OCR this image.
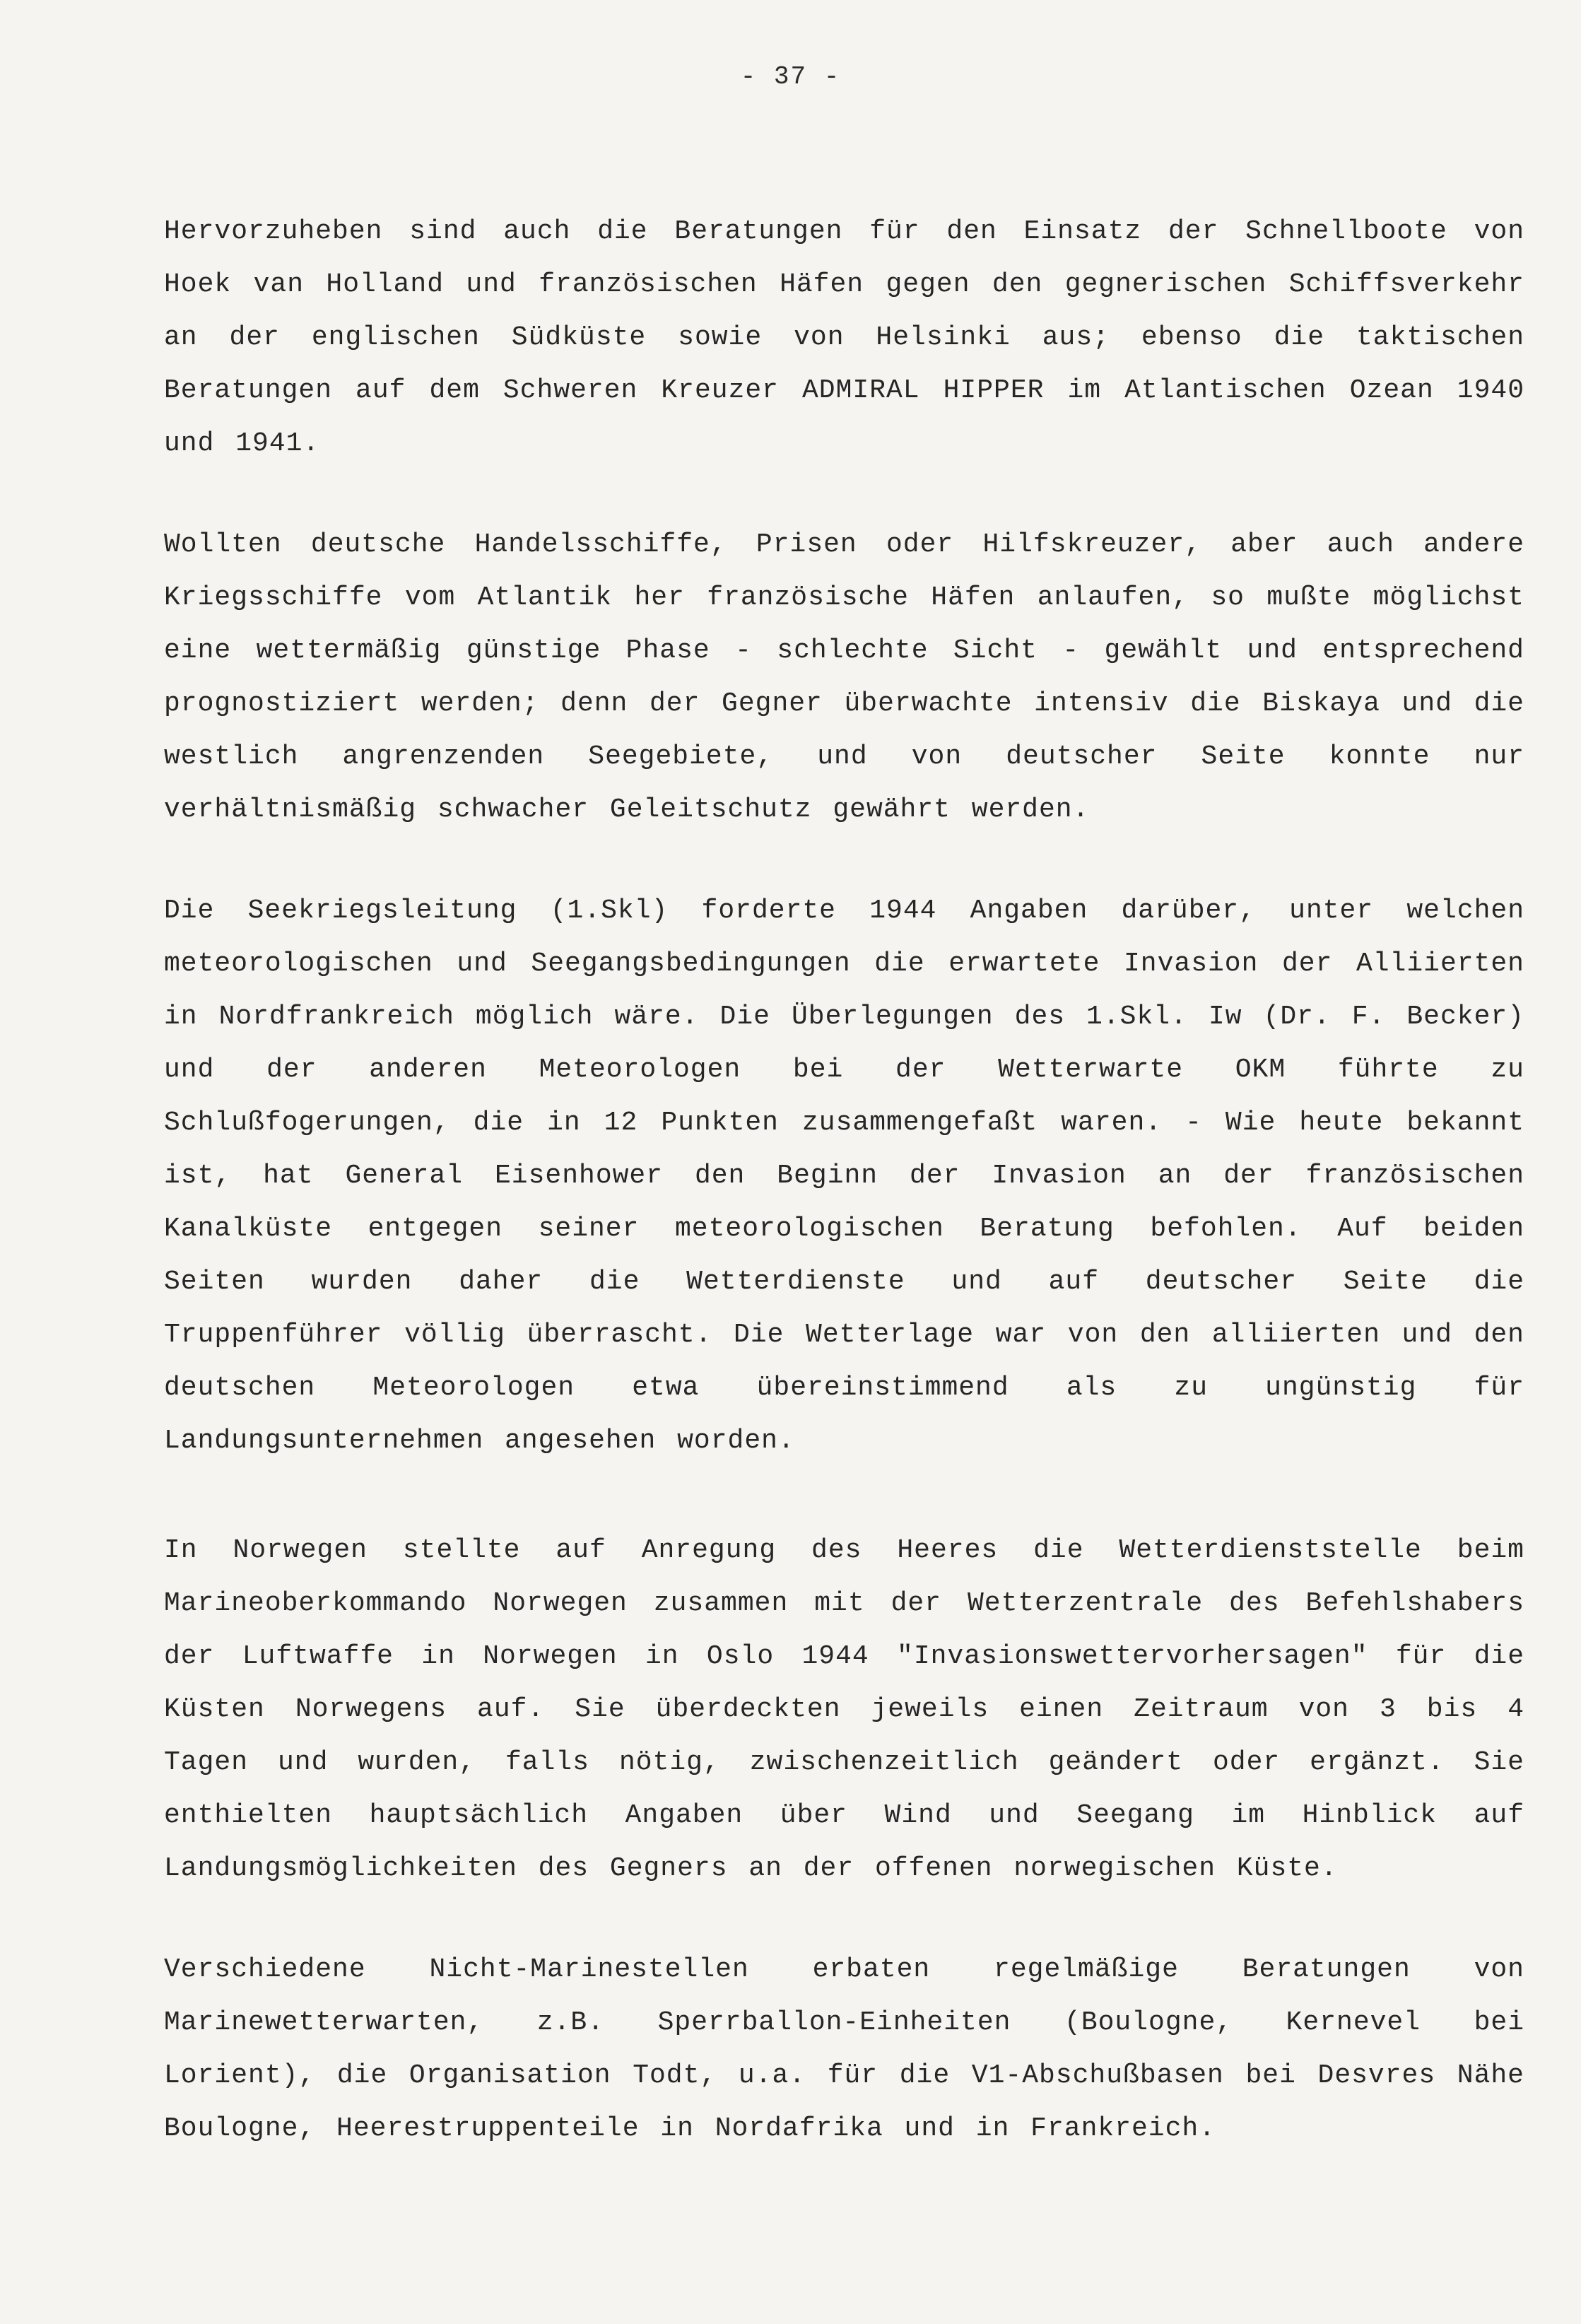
- 37 -

Hervorzuheben sind auch die Beratungen für den Einsatz der Schnellboote von Hoek van Holland und französischen Häfen gegen den gegnerischen Schiffsverkehr an der englischen Südküste sowie von Helsinki aus; ebenso die taktischen Beratungen auf dem Schweren Kreuzer ADMIRAL HIPPER im Atlantischen Ozean 1940 und 1941.

Wollten deutsche Handelsschiffe, Prisen oder Hilfskreuzer, aber auch andere Kriegsschiffe vom Atlantik her französische Häfen anlaufen, so mußte möglichst eine wettermäßig günstige Phase - schlechte Sicht - gewählt und entsprechend prognostiziert werden; denn der Gegner überwachte intensiv die Biskaya und die westlich angrenzenden Seegebiete, und von deutscher Seite konnte nur verhältnismäßig schwacher Geleitschutz gewährt werden.

Die Seekriegsleitung (1.Skl) forderte 1944 Angaben darüber, unter welchen meteorologischen und Seegangsbedingungen die erwartete Invasion der Alliierten in Nordfrankreich möglich wäre. Die Überlegungen des 1.Skl. Iw (Dr. F. Becker) und der anderen Meteorologen bei der Wetterwarte OKM führte zu Schlußfogerungen, die in 12 Punkten zusammengefaßt waren. - Wie heute bekannt ist, hat General Eisenhower den Beginn der Invasion an der französischen Kanalküste entgegen seiner meteorologischen Beratung befohlen. Auf beiden Seiten wurden daher die Wetterdienste und auf deutscher Seite die Truppenführer völlig überrascht. Die Wetterlage war von den alliierten und den deutschen Meteorologen etwa übereinstimmend als zu ungünstig für Landungsunternehmen angesehen worden.

In Norwegen stellte auf Anregung des Heeres die Wetterdienststelle beim Marineoberkommando Norwegen zusammen mit der Wetterzentrale des Befehlshabers der Luftwaffe in Norwegen in Oslo 1944 "Invasionswettervorhersagen" für die Küsten Norwegens auf. Sie überdeckten jeweils einen Zeitraum von 3 bis 4 Tagen und wurden, falls nötig, zwischenzeitlich geändert oder ergänzt. Sie enthielten hauptsächlich Angaben über Wind und Seegang im Hinblick auf Landungsmöglichkeiten des Gegners an der offenen norwegischen Küste.

Verschiedene Nicht-Marinestellen erbaten regelmäßige Beratungen von Marinewetterwarten, z.B. Sperrballon-Einheiten (Boulogne, Kernevel bei Lorient), die Organisation Todt, u.a. für die V1-Abschußbasen bei Desvres Nähe Boulogne, Heerestruppenteile in Nordafrika und in Frankreich.
